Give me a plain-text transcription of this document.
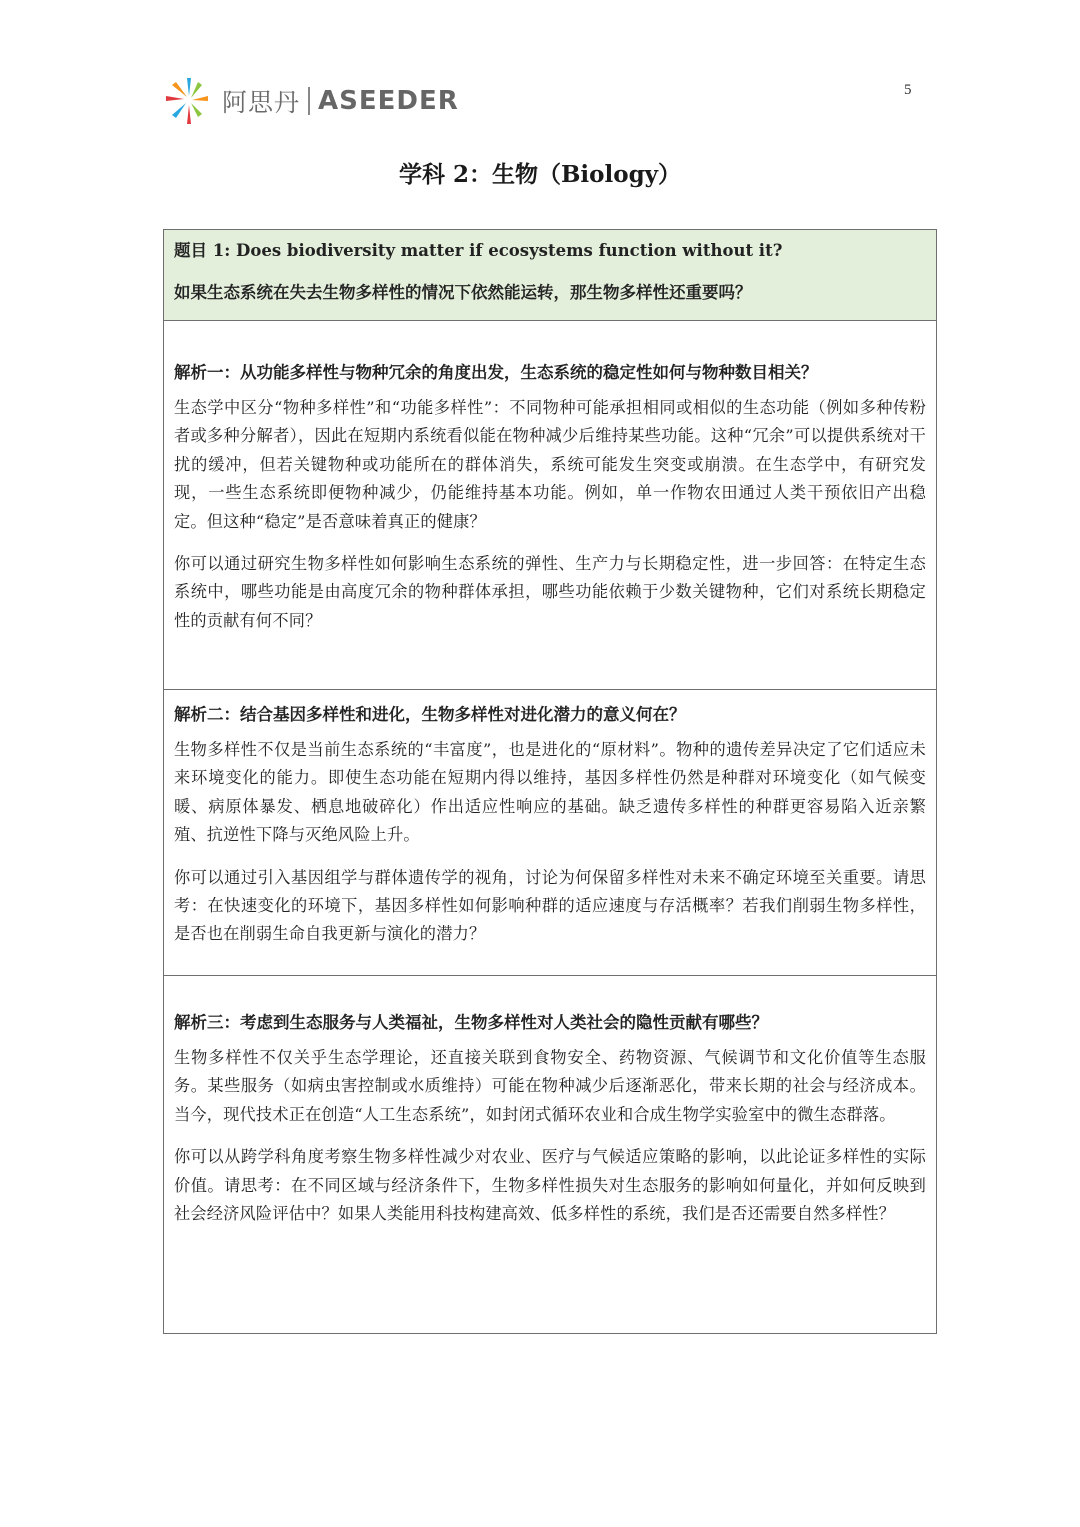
阿思丹 ASEEDER	5
学科 2：生物（Biology）
题目 1: Does biodiversity matter if ecosystems function without it?
如果生态系统在失去生物多样性的情况下依然能运转，那生物多样性还重要吗？
解析一：从功能多样性与物种冗余的角度出发，生态系统的稳定性如何与物种数目相关？

生态学中区分“物种多样性”和“功能多样性”：不同物种可能承担相同或相似的生态功能（例如多种传粉者或多种分解者），因此在短期内系统看似能在物种减少后维持某些功能。这种“冗余”可以提供系统对干扰的缓冲，但若关键物种或功能所在的群体消失，系统可能发生突变或崩溃。在生态学中，有研究发现，一些生态系统即便物种减少，仍能维持基本功能。例如，单一作物农田通过人类干预依旧产出稳定。但这种“稳定”是否意味着真正的健康？

你可以通过研究生物多样性如何影响生态系统的弹性、生产力与长期稳定性，进一步回答：在特定生态系统中，哪些功能是由高度冗余的物种群体承担，哪些功能依赖于少数关键物种，它们对系统长期稳定性的贡献有何不同？

解析二：结合基因多样性和进化，生物多样性对进化潜力的意义何在？

生物多样性不仅是当前生态系统的“丰富度”，也是进化的“原材料”。物种的遗传差异决定了它们适应未来环境变化的能力。即使生态功能在短期内得以维持，基因多样性仍然是种群对环境变化（如气候变暖、病原体暴发、栖息地破碎化）作出适应性响应的基础。缺乏遗传多样性的种群更容易陷入近亲繁殖、抗逆性下降与灭绝风险上升。

你可以通过引入基因组学与群体遗传学的视角，讨论为何保留多样性对未来不确定环境至关重要。请思考：在快速变化的环境下，基因多样性如何影响种群的适应速度与存活概率？若我们削弱生物多样性，是否也在削弱生命自我更新与演化的潜力？

解析三：考虑到生态服务与人类福祉，生物多样性对人类社会的隐性贡献有哪些？

生物多样性不仅关乎生态学理论，还直接关联到食物安全、药物资源、气候调节和文化价值等生态服务。某些服务（如病虫害控制或水质维持）可能在物种减少后逐渐恶化，带来长期的社会与经济成本。当今，现代技术正在创造“人工生态系统”，如封闭式循环农业和合成生物学实验室中的微生态群落。

你可以从跨学科角度考察生物多样性减少对农业、医疗与气候适应策略的影响，以此论证多样性的实际价值。请思考：在不同区域与经济条件下，生物多样性损失对生态服务的影响如何量化，并如何反映到社会经济风险评估中？如果人类能用科技构建高效、低多样性的系统，我们是否还需要自然多样性？
